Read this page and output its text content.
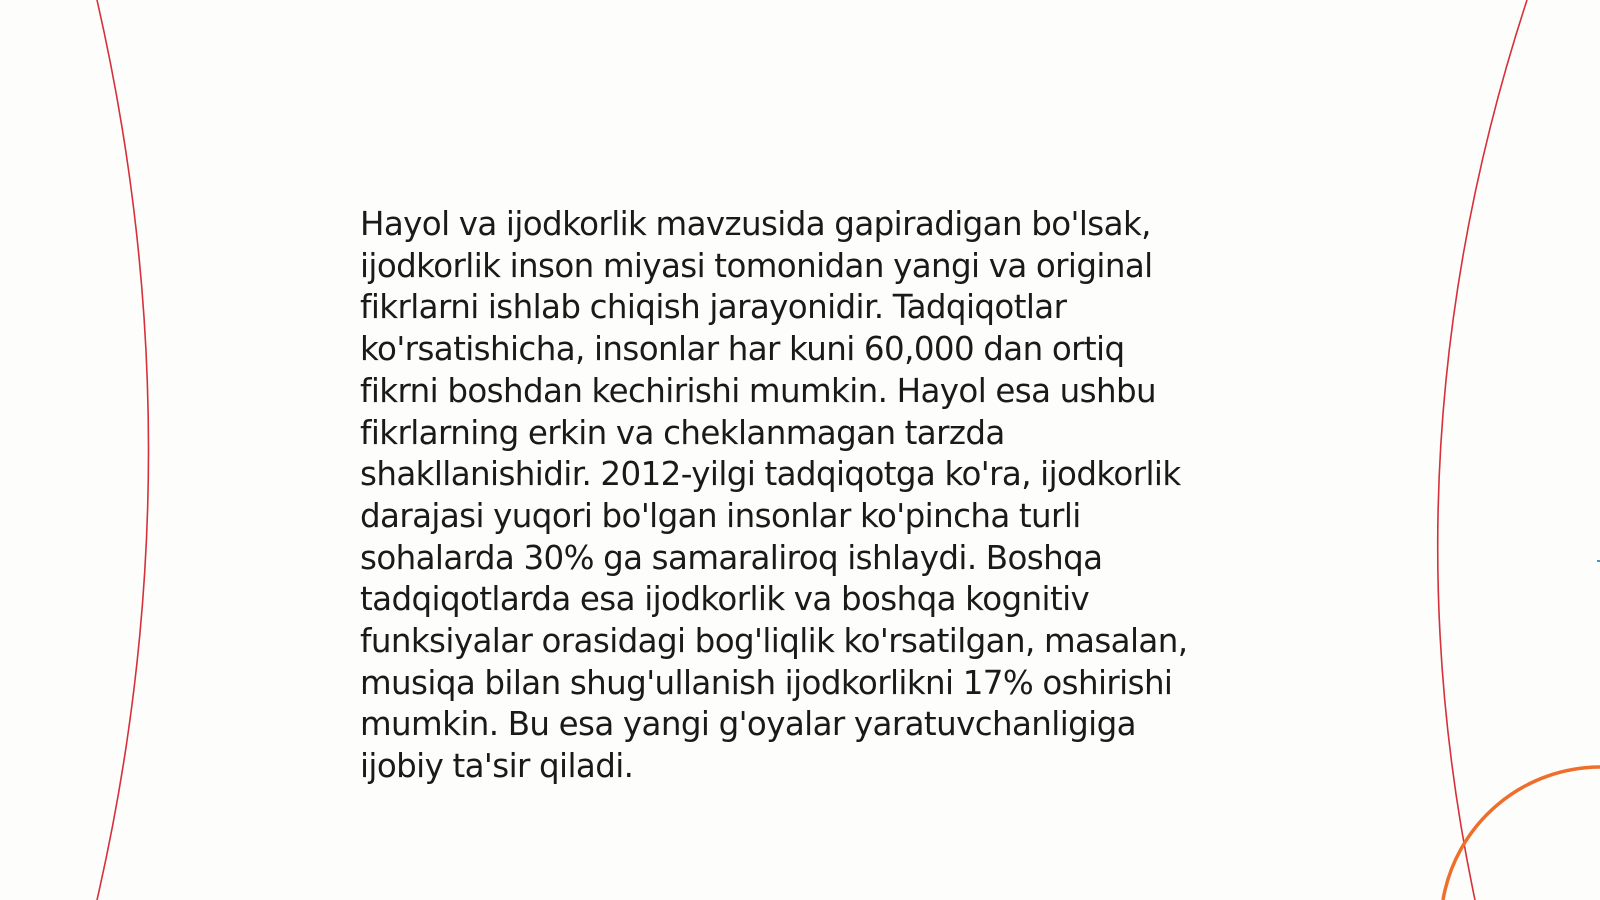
Hayol va ijodkorlik mavzusida gapiradigan bo'lsak,
ijodkorlik inson miyasi tomonidan yangi va original
fikrlarni ishlab chiqish jarayonidir. Tadqiqotlar
ko'rsatishicha, insonlar har kuni 60,000 dan ortiq
fikrni boshdan kechirishi mumkin. Hayol esa ushbu
fikrlarning erkin va cheklanmagan tarzda
shakllanishidir. 2012-yilgi tadqiqotga ko'ra, ijodkorlik
darajasi yuqori bo'lgan insonlar ko'pincha turli
sohalarda 30% ga samaraliroq ishlaydi. Boshqa
tadqiqotlarda esa ijodkorlik va boshqa kognitiv
funksiyalar orasidagi bog'liqlik ko'rsatilgan, masalan,
musiqa bilan shug'ullanish ijodkorlikni 17% oshirishi
mumkin. Bu esa yangi g'oyalar yaratuvchanligiga
ijobiy ta'sir qiladi.
